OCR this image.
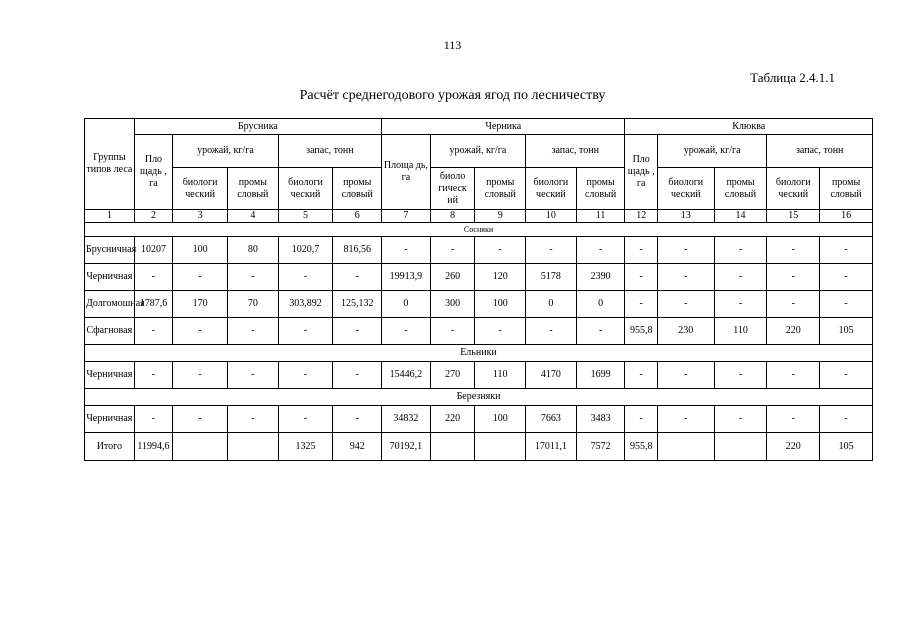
113
Таблица 2.4.1.1
Расчёт среднегодового урожая ягод по лесничеству
Группы типов леса	Брусника					Черника					Клюква				
	Пло щадь , га	урожай, кг/га		запас, тонн		Площа дь, га	урожай, кг/га		запас, тонн		Пло щадь , га	урожай, кг/га		запас, тонн	
		биологи ческий	промы словый	биологи ческий	промы словый		биоло гическ ий	промы словый	биологи ческий	промы словый		биологи ческий	промы словый	биологи ческий	промы словый
1	2	3	4	5	6	7	8	9	10	11	12	13	14	15	16
Сосняки															
Брусничная	10207	100	80	1020,7	816,56	-	-	-	-	-	-	-	-	-	-
Черничная	-	-	-	-	-	19913,9	260	120	5178	2390	-	-	-	-	-
Долгомошная	1787,6	170	70	303,892	125,132	0	300	100	0	0	-	-	-	-	-
Сфагновая	-	-	-	-	-	-	-	-	-	-	955,8	230	110	220	105
Ельники															
Черничная	-	-	-	-	-	15446,2	270	110	4170	1699	-	-	-	-	-
Березняки															
Черничная	-	-	-	-	-	34832	220	100	7663	3483	-	-	-	-	-
Итого	11994,6			1325	942	70192,1			17011,1	7572	955,8			220	105
